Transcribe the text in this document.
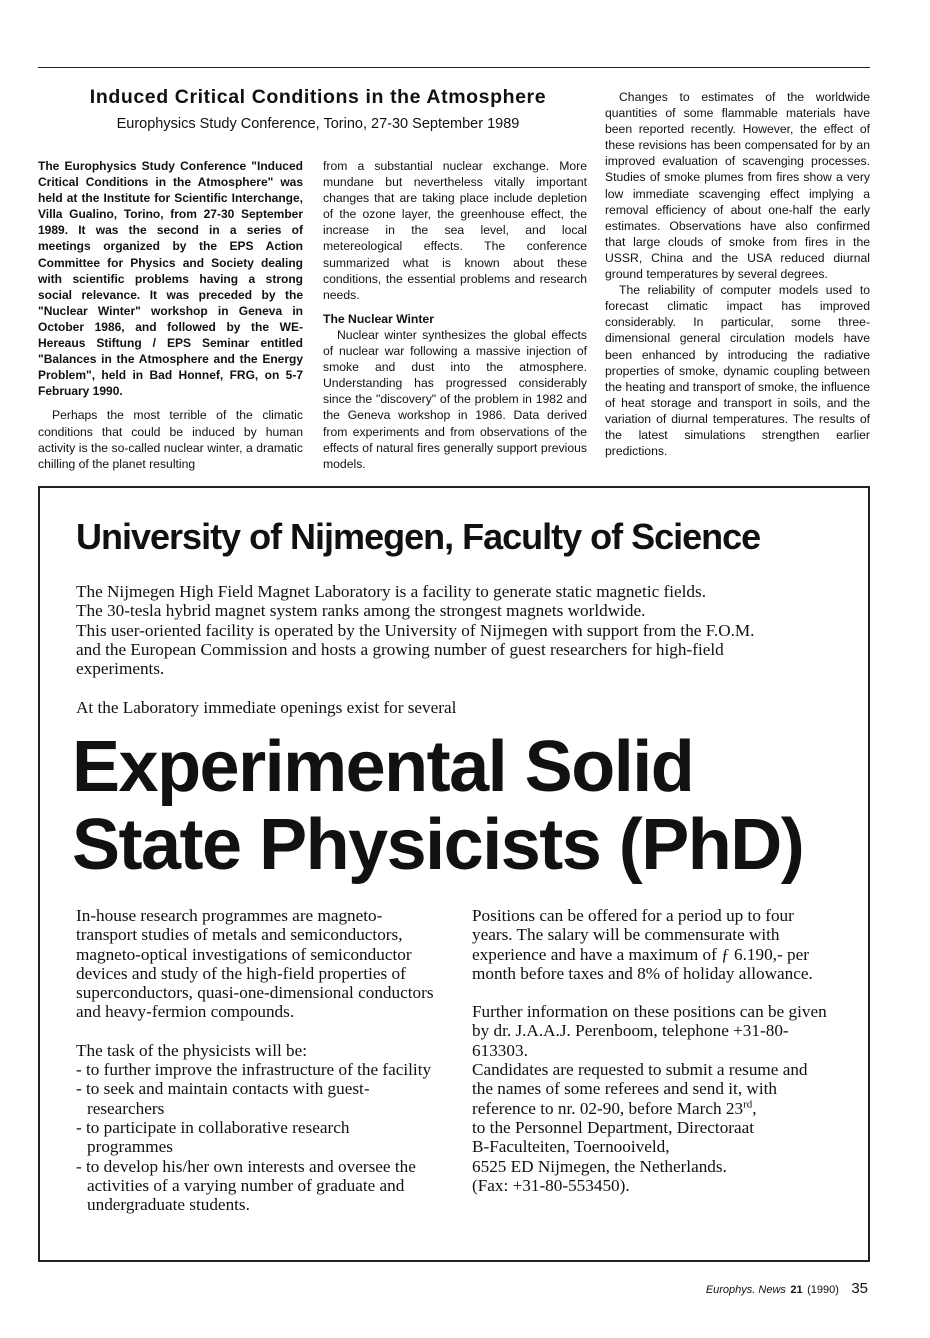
Induced Critical Conditions in the Atmosphere

Europhysics Study Conference, Torino, 27-30 September 1989

The Europhysics Study Conference "Induced Critical Conditions in the Atmosphere" was held at the Institute for Scientific Interchange, Villa Gualino, Torino, from 27-30 September 1989. It was the second in a series of meetings organized by the EPS Action Committee for Physics and Society dealing with scientific problems having a strong social relevance. It was preceded by the "Nuclear Winter" workshop in Geneva in October 1986, and followed by the WE-Hereaus Stiftung / EPS Seminar entitled "Balances in the Atmosphere and the Energy Problem", held in Bad Honnef, FRG, on 5-7 February 1990.

Perhaps the most terrible of the climatic conditions that could be induced by human activity is the so-called nuclear winter, a dramatic chilling of the planet resulting

from a substantial nuclear exchange. More mundane but nevertheless vitally important changes that are taking place include depletion of the ozone layer, the greenhouse effect, the increase in the sea level, and local metereological effects. The conference summarized what is known about these conditions, the essential problems and research needs.

The Nuclear Winter

Nuclear winter synthesizes the global effects of nuclear war following a massive injection of smoke and dust into the atmosphere. Understanding has progressed considerably since the "discovery" of the problem in 1982 and the Geneva workshop in 1986. Data derived from experiments and from observations of the effects of natural fires generally support previous models.

Changes to estimates of the worldwide quantities of some flammable materials have been reported recently. However, the effect of these revisions has been compensated for by an improved evaluation of scavenging processes. Studies of smoke plumes from fires show a very low immediate scavenging effect implying a removal efficiency of about one-half the early estimates. Observations have also confirmed that large clouds of smoke from fires in the USSR, China and the USA reduced diurnal ground temperatures by several degrees.

The reliability of computer models used to forecast climatic impact has improved considerably. In particular, some three-dimensional general circulation models have been enhanced by introducing the radiative properties of smoke, dynamic coupling between the heating and transport of smoke, the influence of heat storage and transport in soils, and the variation of diurnal temperatures. The results of the latest simulations strengthen earlier predictions.

University of Nijmegen, Faculty of Science

The Nijmegen High Field Magnet Laboratory is a facility to generate static magnetic fields.

The 30-tesla hybrid magnet system ranks among the strongest magnets worldwide.

This user-oriented facility is operated by the University of Nijmegen with support from the F.O.M.

and the European Commission and hosts a growing number of guest researchers for high-field

experiments.

At the Laboratory immediate openings exist for several

Experimental Solid
State Physicists (PhD)

In-house research programmes are magneto-transport studies of metals and semiconductors, magneto-optical investigations of semiconductor devices and study of the high-field properties of superconductors, quasi-one-dimensional conductors and heavy-fermion compounds.

The task of the physicists will be:

- to further improve the infrastructure of the facility
- to seek and maintain contacts with guest-researchers
- to participate in collaborative research programmes
- to develop his/her own interests and oversee the activities of a varying number of graduate and undergraduate students.

Positions can be offered for a period up to four years. The salary will be commensurate with experience and have a maximum of ƒ 6.190,- per month before taxes and 8% of holiday allowance.

Further information on these positions can be given by dr. J.A.A.J. Perenboom, telephone +31-80-613303.

Candidates are requested to submit a resume and the names of some referees and send it, with reference to nr. 02-90, before March 23rd,

to the Personnel Department, Directoraat

B-Faculteiten, Toernooiveld,

6525 ED Nijmegen, the Netherlands.

(Fax: +31-80-553450).

Europhys. News 21 (1990) 35
